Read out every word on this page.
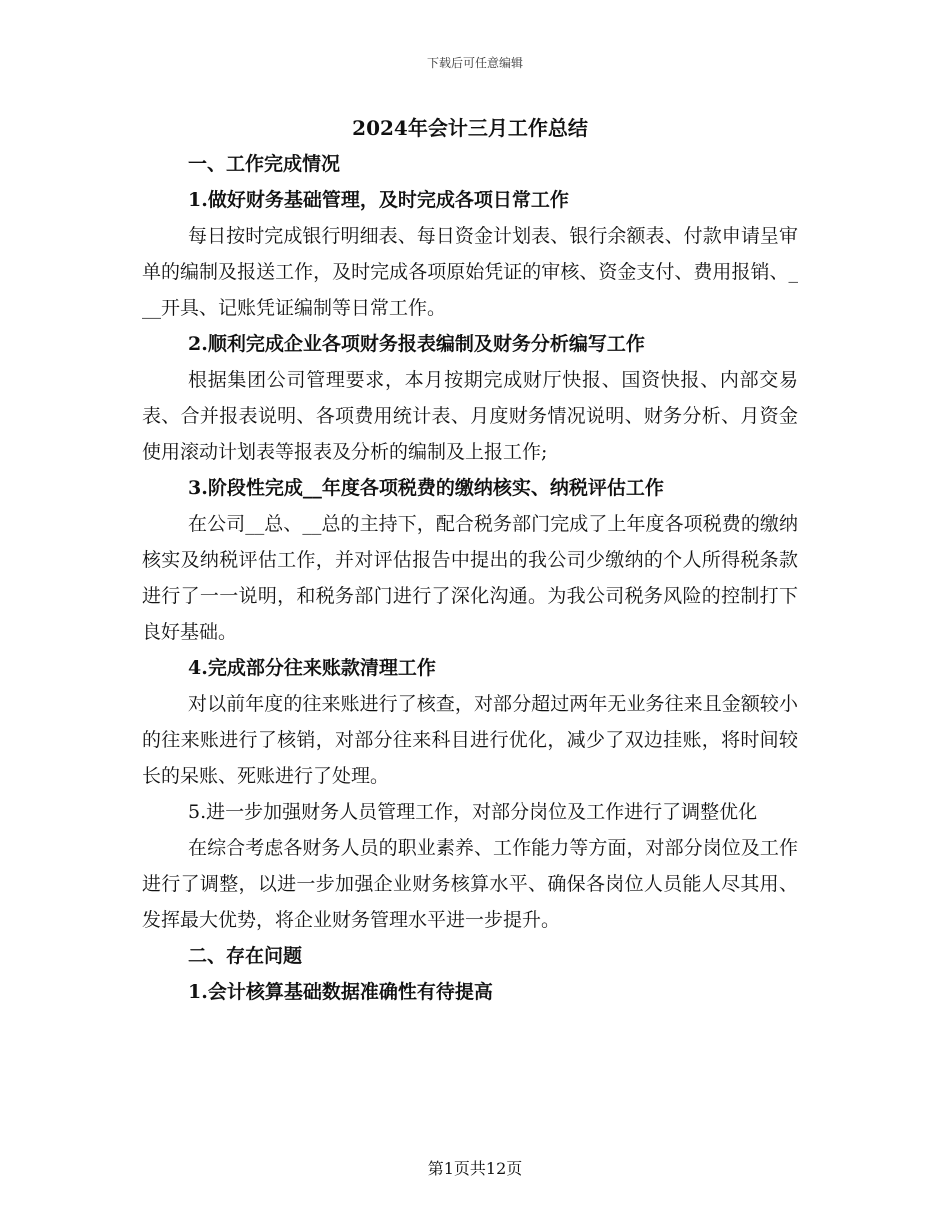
下载后可任意编辑
2024年会计三月工作总结
一、工作完成情况
1.做好财务基础管理，及时完成各项日常工作
每日按时完成银行明细表、每日资金计划表、银行余额表、付款申请呈审单的编制及报送工作，及时完成各项原始凭证的审核、资金支付、费用报销、___开具、记账凭证编制等日常工作。
2.顺利完成企业各项财务报表编制及财务分析编写工作
根据集团公司管理要求，本月按期完成财厅快报、国资快报、内部交易表、合并报表说明、各项费用统计表、月度财务情况说明、财务分析、月资金使用滚动计划表等报表及分析的编制及上报工作;
3.阶段性完成__年度各项税费的缴纳核实、纳税评估工作
在公司__总、__总的主持下，配合税务部门完成了上年度各项税费的缴纳核实及纳税评估工作，并对评估报告中提出的我公司少缴纳的个人所得税条款进行了一一说明，和税务部门进行了深化沟通。为我公司税务风险的控制打下良好基础。
4.完成部分往来账款清理工作
对以前年度的往来账进行了核查，对部分超过两年无业务往来且金额较小的往来账进行了核销，对部分往来科目进行优化，减少了双边挂账，将时间较长的呆账、死账进行了处理。
5.进一步加强财务人员管理工作，对部分岗位及工作进行了调整优化
在综合考虑各财务人员的职业素养、工作能力等方面，对部分岗位及工作进行了调整，以进一步加强企业财务核算水平、确保各岗位人员能人尽其用、发挥最大优势，将企业财务管理水平进一步提升。
二、存在问题
1.会计核算基础数据准确性有待提高
第1页共12页
